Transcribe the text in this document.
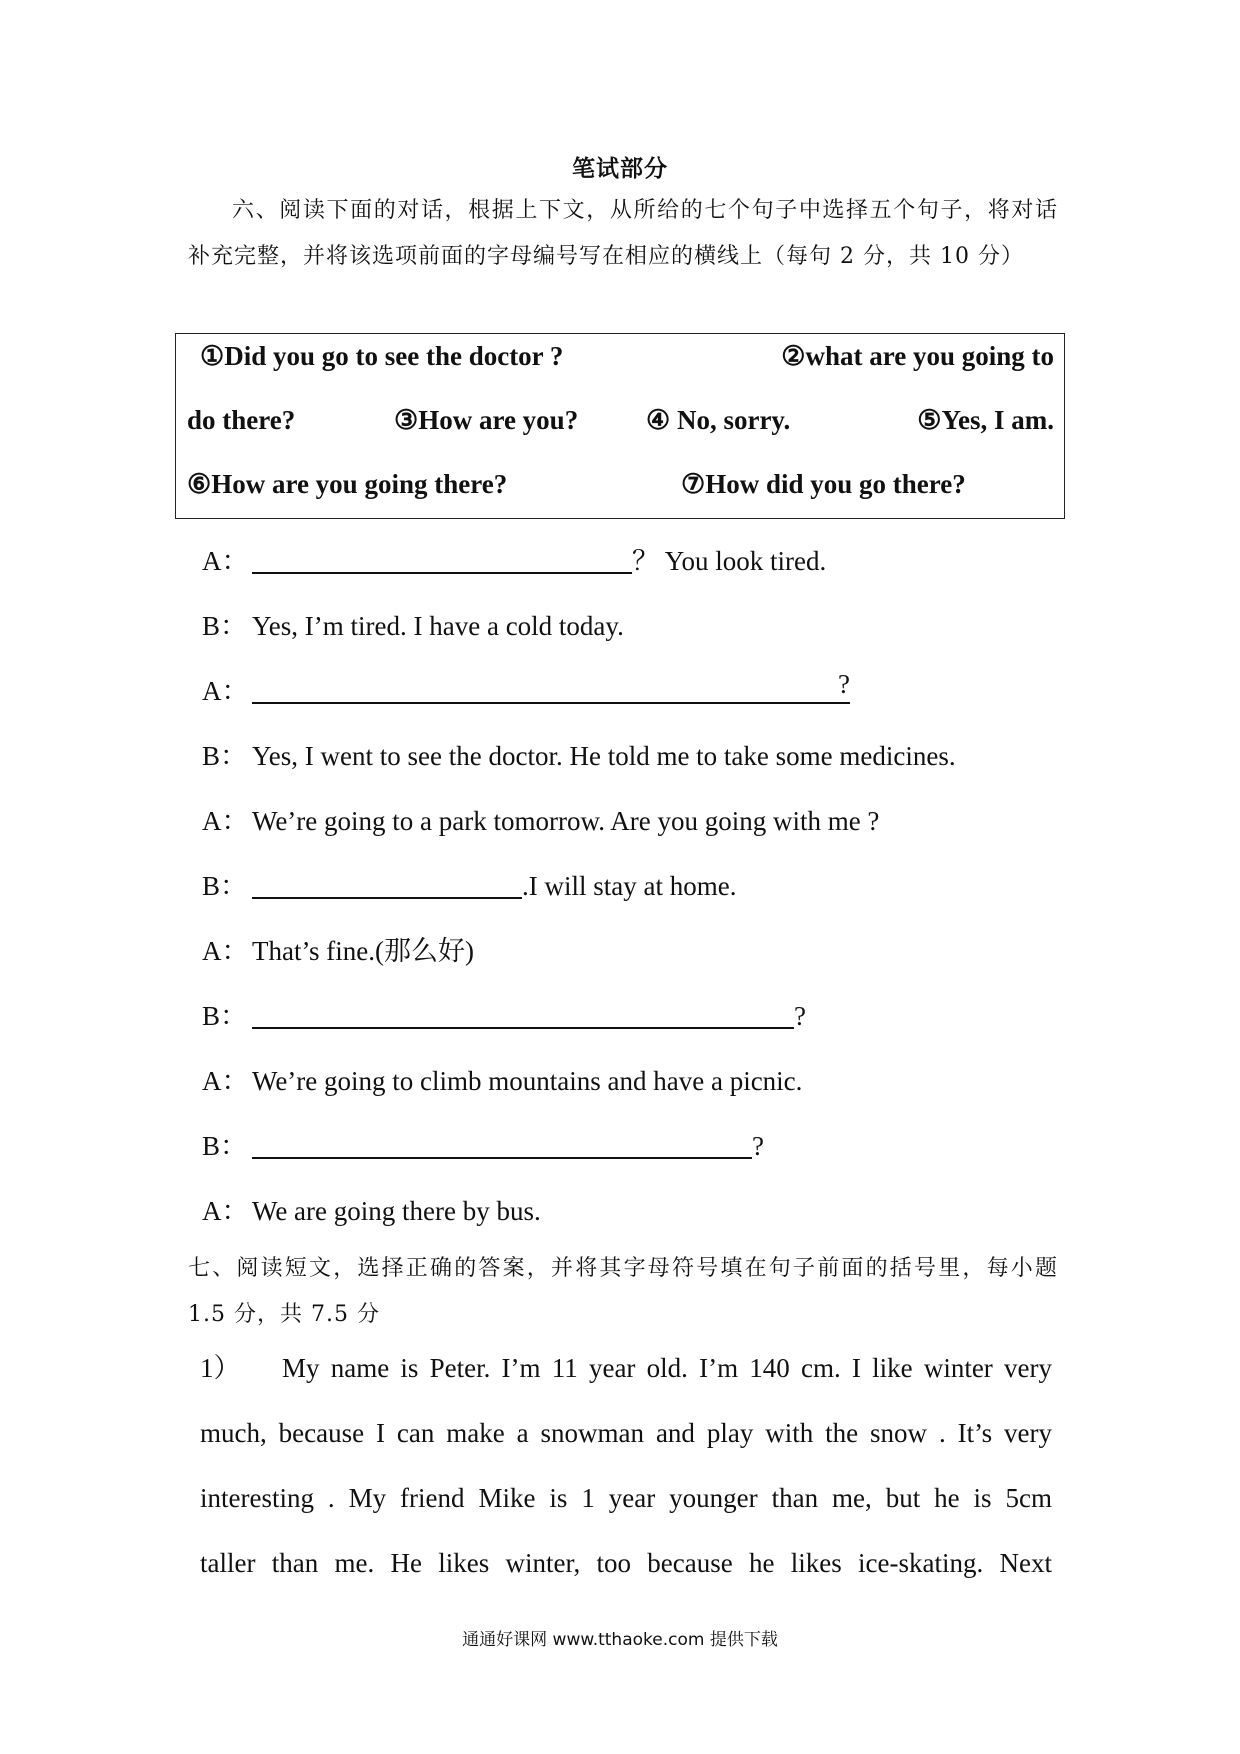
笔试部分
六、阅读下面的对话，根据上下文，从所给的七个句子中选择五个句子，将对话补充完整，并将该选项前面的字母编号写在相应的横线上（每句 2 分，共 10 分）
①Did you go to see the doctor ?	②what are you going to
do there?	③How are you?	④ No, sorry.	⑤Yes, I am.
⑥How are you going there?	⑦How did you go there?
A：	？ You look tired.
B： Yes, I’m tired. I have a cold today.
A：	?
B： Yes, I went to see the doctor. He told me to take some medicines.
A： We’re going to a park tomorrow. Are you going with me ?
B：	.I will stay at home.
A： That’s fine.(那么好)
B：	?
A： We’re going to climb mountains and have a picnic.
B：	?
A： We are going there by bus.
七、阅读短文，选择正确的答案，并将其字母符号填在句子前面的括号里，每小题 1.5 分，共 7.5 分
1）	My name is Peter. I’m 11 year old. I’m 140 cm. I like winter very
much, because I can make a snowman and play with the snow . It’s very
interesting . My friend Mike is 1 year younger than me, but he is 5cm
taller than me. He likes winter, too because he likes ice-skating. Next
通通好课网 www.tthaoke.com 提供下载
